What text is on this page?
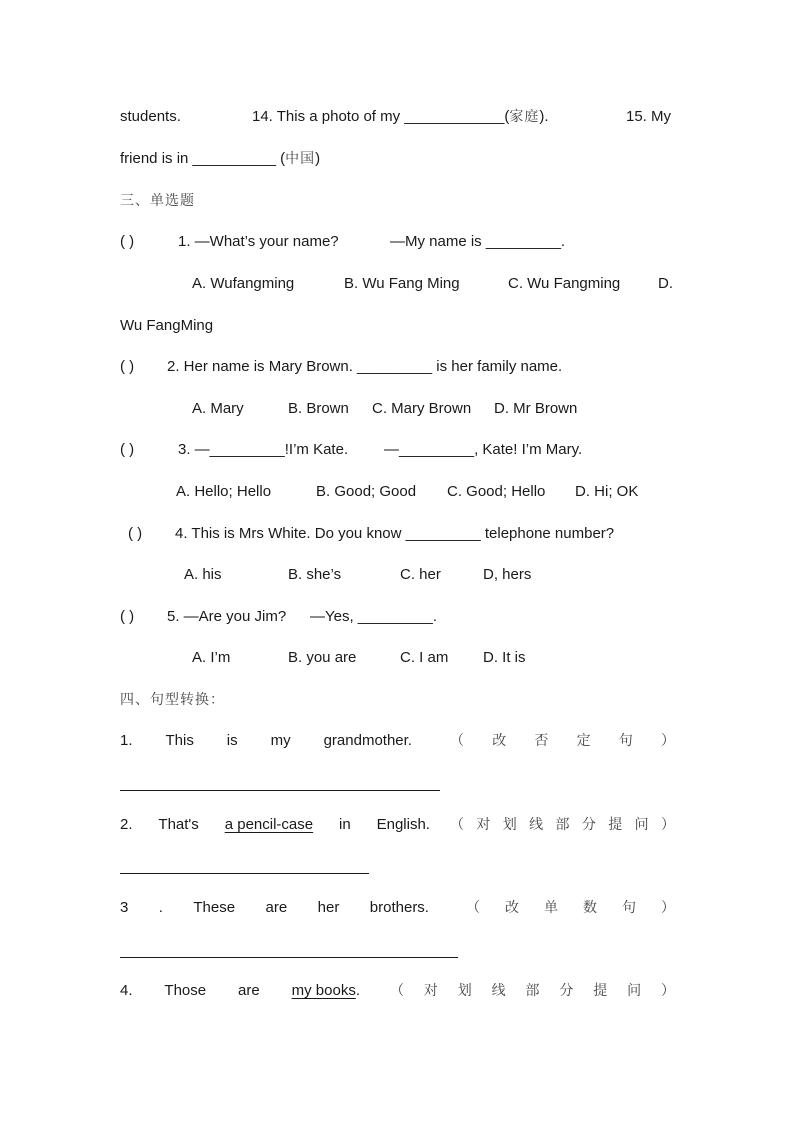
students.	14. This a photo of my ____________(家庭).	15. My
friend is in __________ (中国)
三、单选题
( )	1. —What’s your name?	—My name is _________.
A. Wufangming	B. Wu Fang Ming	C. Wu Fangming	D.
Wu FangMing
( ) 2. Her name is Mary Brown. _________ is her family name.
A. Mary	B. Brown C. Mary Brown D. Mr Brown
( )	3. —_________!I’m Kate. —_________, Kate! I’m Mary.
A. Hello; Hello	B. Good; Good C. Good; Hello D. Hi; OK
( ) 4. This is Mrs White. Do you know _________ telephone number?
A. his	B. she’s	C. her	D, hers
( ) 5. —Are you Jim? —Yes, _________.
A. I’m	B. you are	C. I am D. It is
四、句型转换：
1. This is my grandmother.	（ 改 否 定 句 ）
2. That's a pencil-case in English. （ 对 划 线 部 分 提 问 ）
3 . These are her brothers.	（ 改 单 数 句 ）
4. Those are my books. （ 对 划 线 部 分 提 问 ）
